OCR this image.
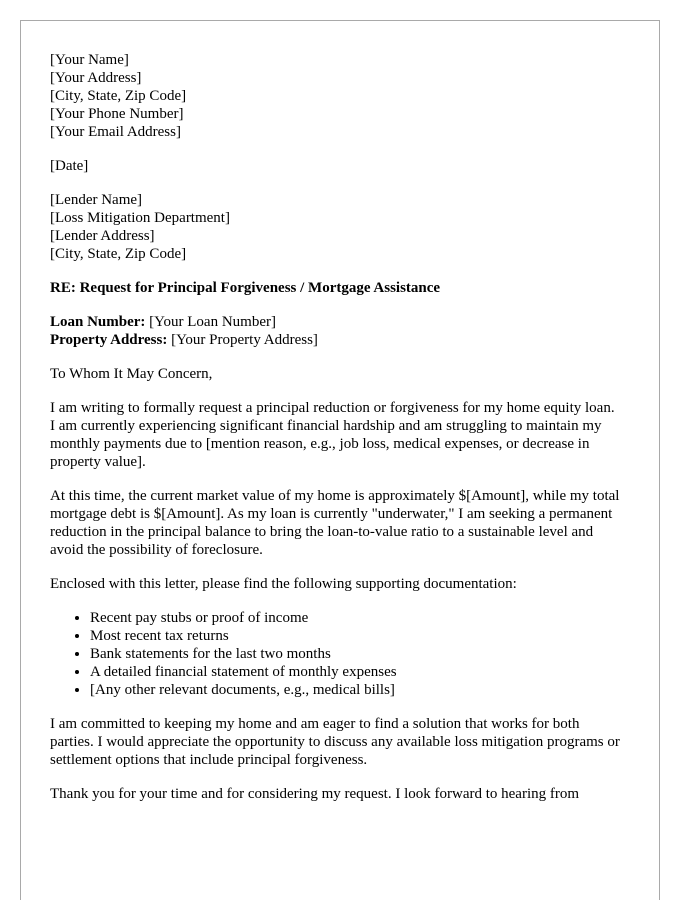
[Your Name]
[Your Address]
[City, State, Zip Code]
[Your Phone Number]
[Your Email Address]
[Date]
[Lender Name]
[Loss Mitigation Department]
[Lender Address]
[City, State, Zip Code]
RE: Request for Principal Forgiveness / Mortgage Assistance
Loan Number: [Your Loan Number]
Property Address: [Your Property Address]

To Whom It May Concern,

I am writing to formally request a principal reduction or forgiveness for my home equity loan. I am currently experiencing significant financial hardship and am struggling to maintain my monthly payments due to [mention reason, e.g., job loss, medical expenses, or decrease in property value].

At this time, the current market value of my home is approximately $[Amount], while my total mortgage debt is $[Amount]. As my loan is currently "underwater," I am seeking a permanent reduction in the principal balance to bring the loan-to-value ratio to a sustainable level and avoid the possibility of foreclosure.

Enclosed with this letter, please find the following supporting documentation:

• Recent pay stubs or proof of income
• Most recent tax returns
• Bank statements for the last two months
• A detailed financial statement of monthly expenses
• [Any other relevant documents, e.g., medical bills]

I am committed to keeping my home and am eager to find a solution that works for both parties. I would appreciate the opportunity to discuss any available loss mitigation programs or settlement options that include principal forgiveness.

Thank you for your time and for considering my request. I look forward to hearing from
